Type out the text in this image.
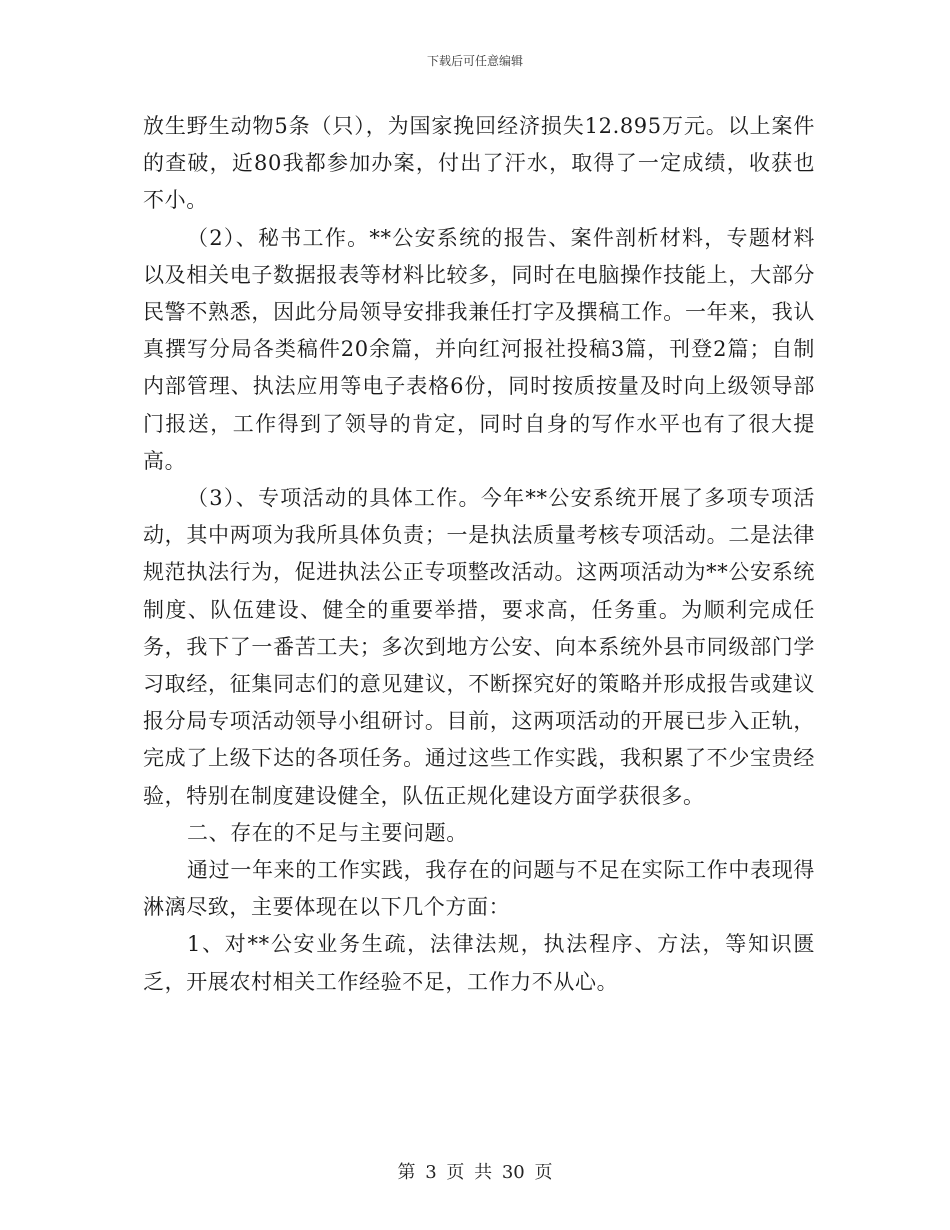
下载后可任意编辑

放生野生动物5条（只），为国家挽回经济损失12.895万元。以上案件的查破，近80我都参加办案，付出了汗水，取得了一定成绩，收获也不小。

（2）、秘书工作。**公安系统的报告、案件剖析材料，专题材料以及相关电子数据报表等材料比较多，同时在电脑操作技能上，大部分民警不熟悉，因此分局领导安排我兼任打字及撰稿工作。一年来，我认真撰写分局各类稿件20余篇，并向红河报社投稿3篇，刊登2篇；自制内部管理、执法应用等电子表格6份，同时按质按量及时向上级领导部门报送，工作得到了领导的肯定，同时自身的写作水平也有了很大提高。

（3）、专项活动的具体工作。今年**公安系统开展了多项专项活动，其中两项为我所具体负责；一是执法质量考核专项活动。二是法律规范执法行为，促进执法公正专项整改活动。这两项活动为**公安系统制度、队伍建设、健全的重要举措，要求高，任务重。为顺利完成任务，我下了一番苦工夫；多次到地方公安、向本系统外县市同级部门学习取经，征集同志们的意见建议，不断探究好的策略并形成报告或建议报分局专项活动领导小组研讨。目前，这两项活动的开展已步入正轨，完成了上级下达的各项任务。通过这些工作实践，我积累了不少宝贵经验，特别在制度建设健全，队伍正规化建设方面学获很多。

二、存在的不足与主要问题。

通过一年来的工作实践，我存在的问题与不足在实际工作中表现得淋漓尽致，主要体现在以下几个方面：

1、对**公安业务生疏，法律法规，执法程序、方法，等知识匮乏，开展农村相关工作经验不足，工作力不从心。

第 3 页 共 30 页
